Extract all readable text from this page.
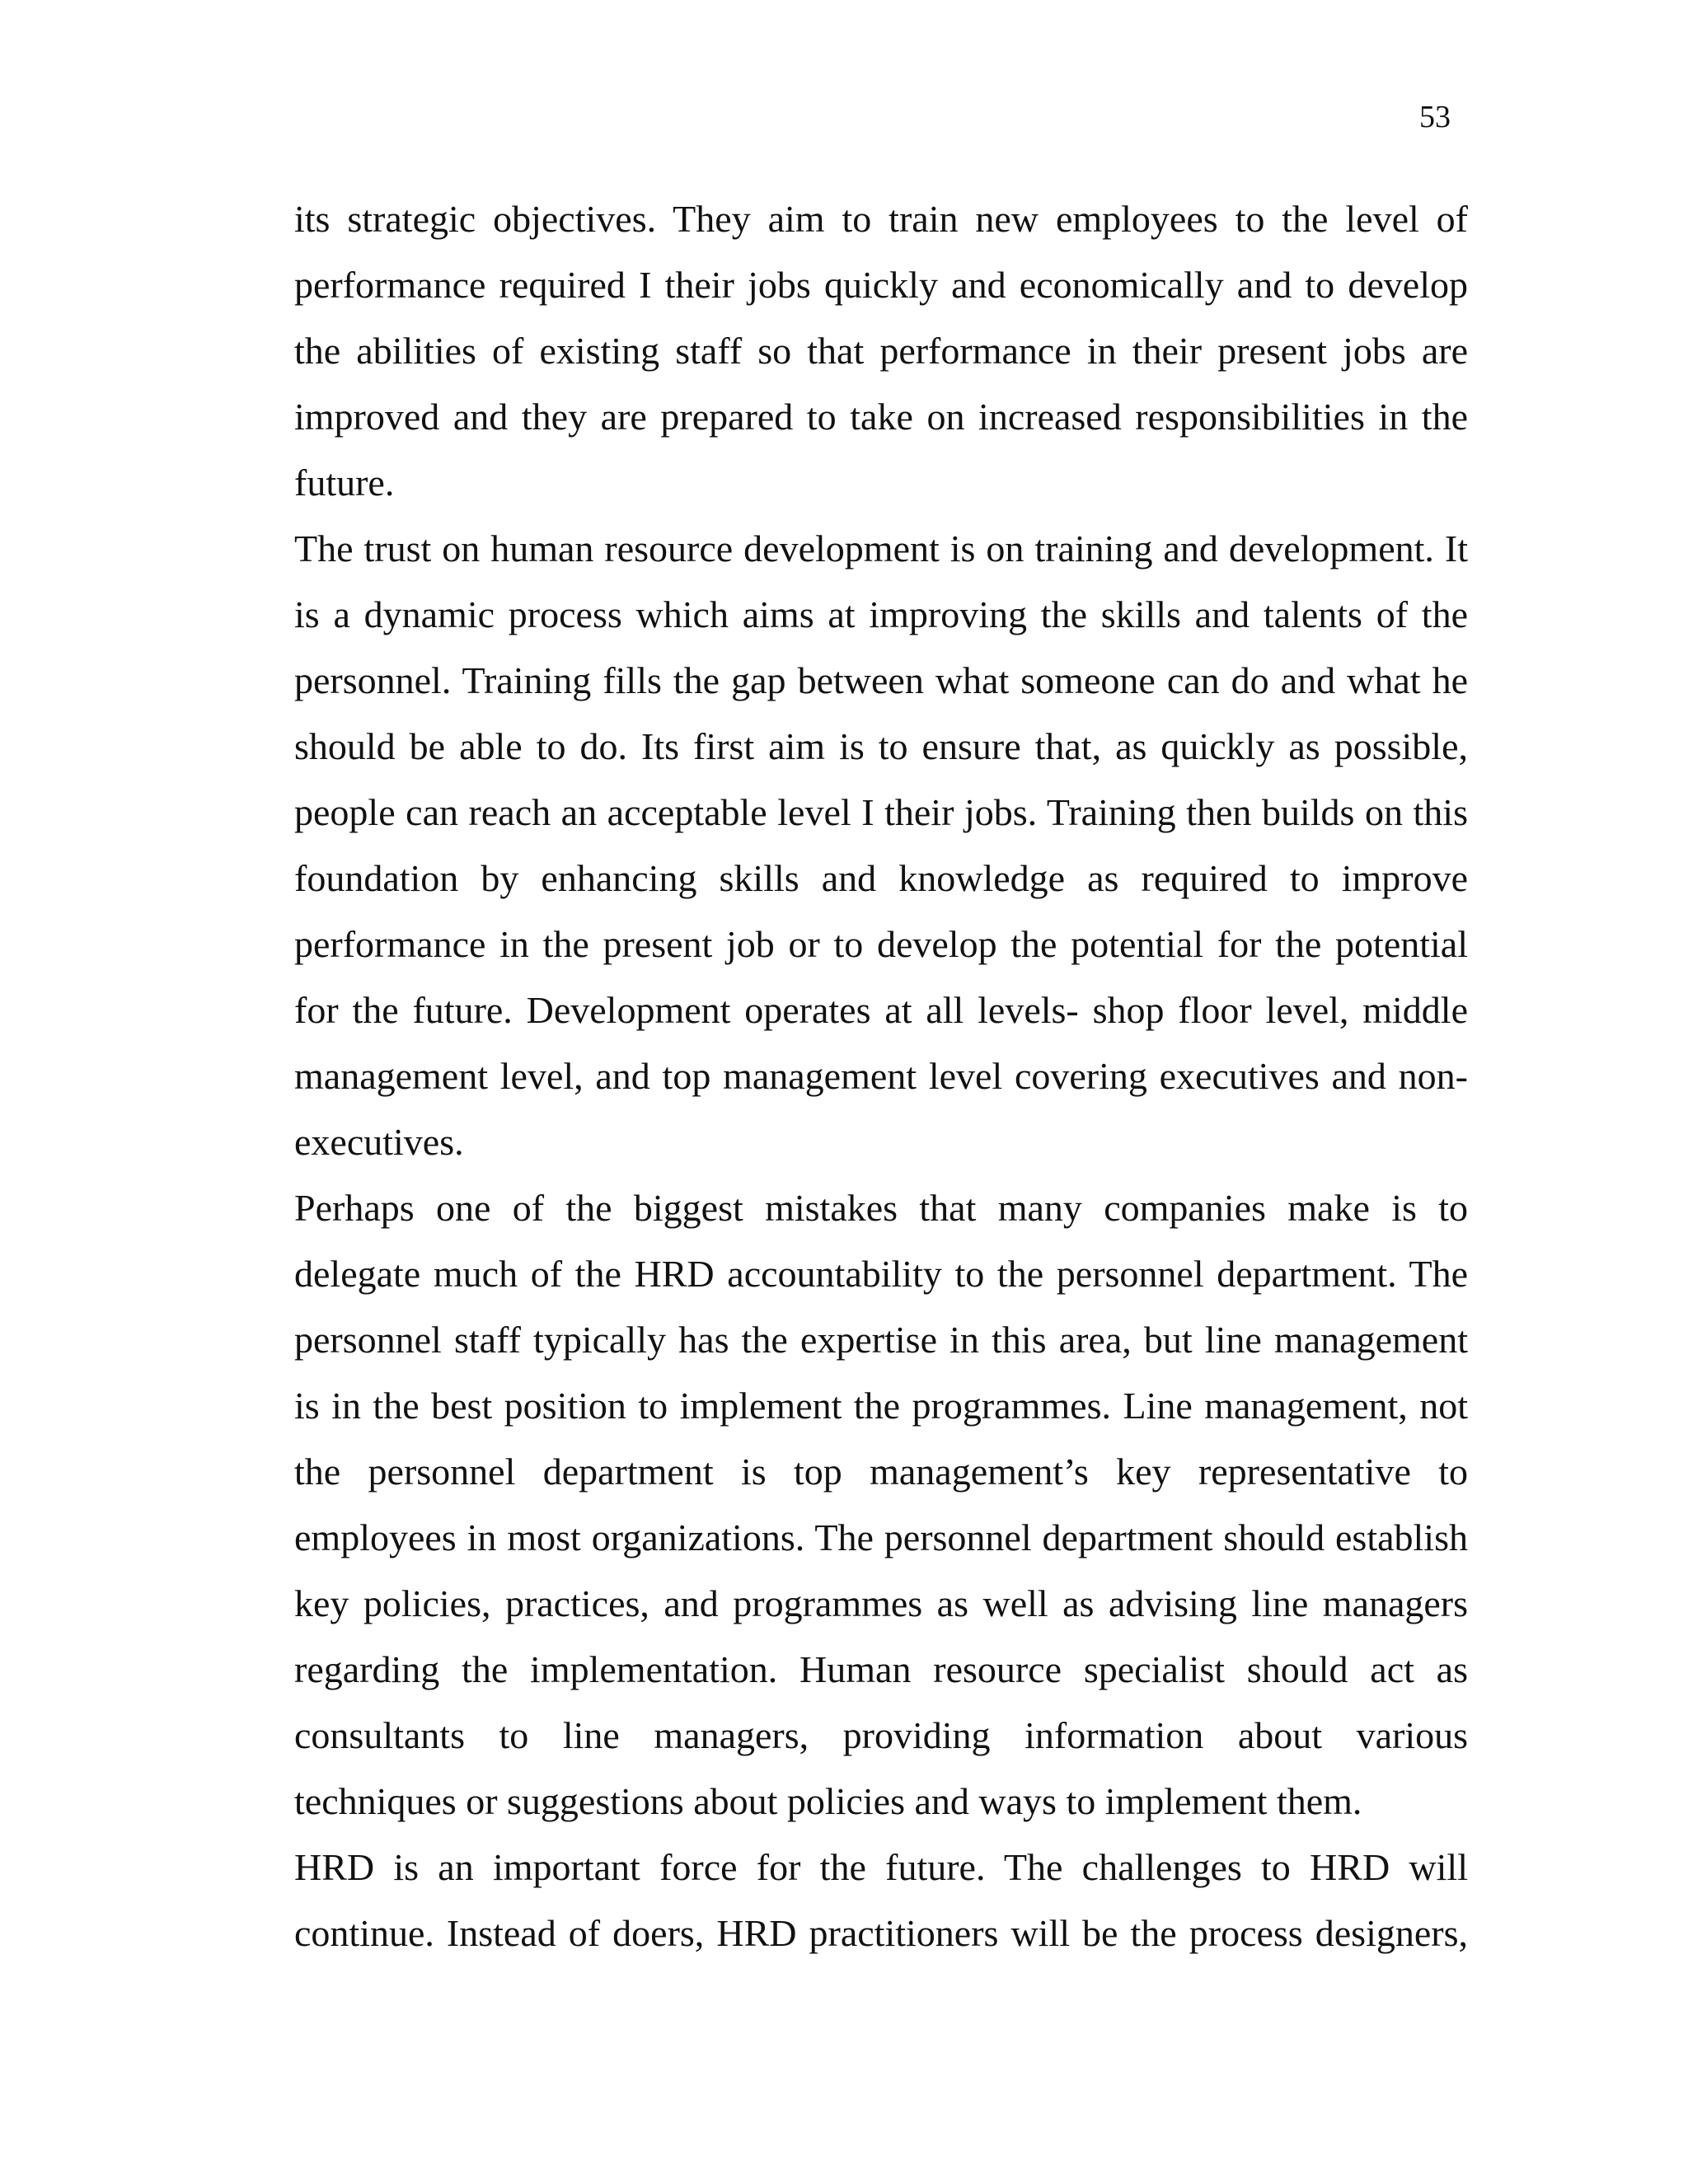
53

its strategic objectives. They aim to train new employees to the level of
performance required I their jobs quickly and economically and to develop
the abilities of existing staff so that performance in their present jobs are
improved and they are prepared to take on increased responsibilities in the
future.

The trust on human resource development is on training and development. It
is a dynamic process which aims at improving the skills and talents of the
personnel. Training fills the gap between what someone can do and what he
should be able to do. Its first aim is to ensure that, as quickly as possible,
people can reach an acceptable level I their jobs. Training then builds on this
foundation by enhancing skills and knowledge as required to improve
performance in the present job or to develop the potential for the potential
for the future. Development operates at all levels- shop floor level, middle
management level, and top management level covering executives and non-
executives.

Perhaps one of the biggest mistakes that many companies make is to
delegate much of the HRD accountability to the personnel department. The
personnel staff typically has the expertise in this area, but line management
is in the best position to implement the programmes. Line management, not
the personnel department is top management’s key representative to
employees in most organizations. The personnel department should establish
key policies, practices, and programmes as well as advising line managers
regarding the implementation. Human resource specialist should act as
consultants to line managers, providing information about various
techniques or suggestions about policies and ways to implement them.

HRD is an important force for the future. The challenges to HRD will
continue. Instead of doers, HRD practitioners will be the process designers,
